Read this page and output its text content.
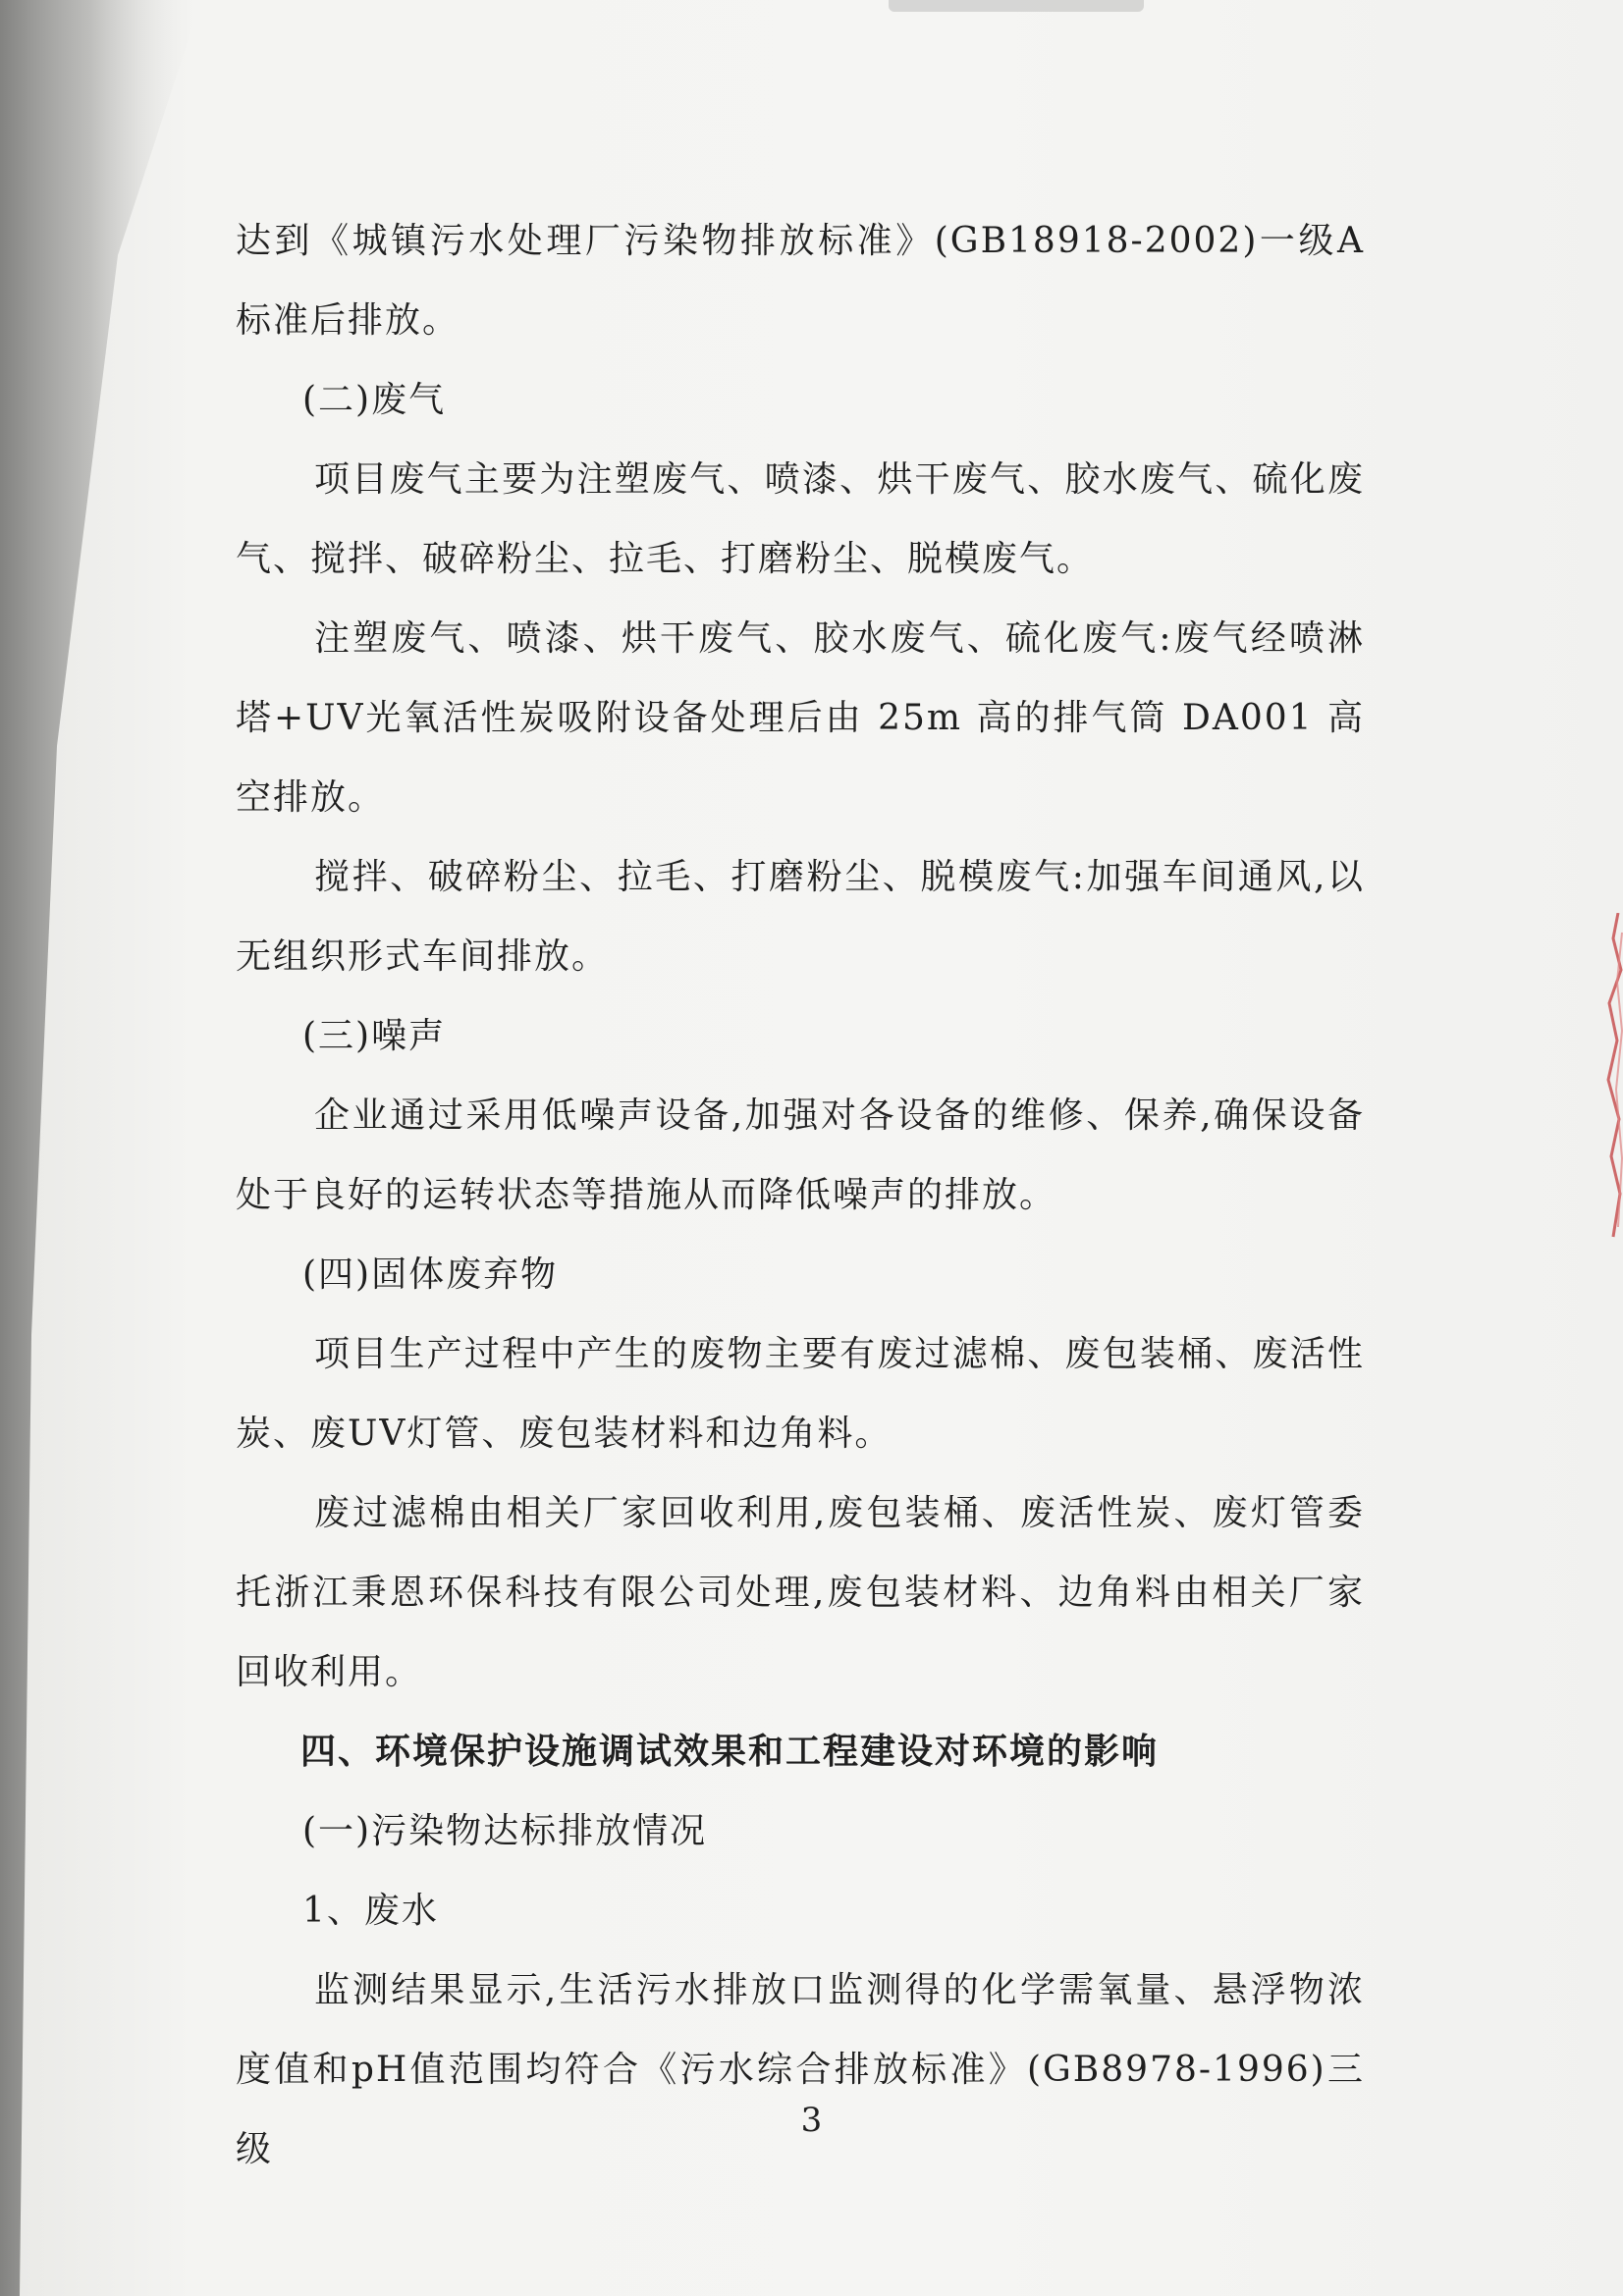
达到《城镇污水处理厂污染物排放标准》(GB18918-2002)一级A标准后排放。

(二)废气

项目废气主要为注塑废气、喷漆、烘干废气、胶水废气、硫化废气、搅拌、破碎粉尘、拉毛、打磨粉尘、脱模废气。

注塑废气、喷漆、烘干废气、胶水废气、硫化废气:废气经喷淋塔+UV光氧活性炭吸附设备处理后由 25m 高的排气筒 DA001 高空排放。

搅拌、破碎粉尘、拉毛、打磨粉尘、脱模废气:加强车间通风,以无组织形式车间排放。

(三)噪声

企业通过采用低噪声设备,加强对各设备的维修、保养,确保设备处于良好的运转状态等措施从而降低噪声的排放。

(四)固体废弃物

项目生产过程中产生的废物主要有废过滤棉、废包装桶、废活性炭、废UV灯管、废包装材料和边角料。

废过滤棉由相关厂家回收利用,废包装桶、废活性炭、废灯管委托浙江秉恩环保科技有限公司处理,废包装材料、边角料由相关厂家回收利用。

四、环境保护设施调试效果和工程建设对环境的影响

(一)污染物达标排放情况

1、废水

监测结果显示,生活污水排放口监测得的化学需氧量、悬浮物浓度值和pH值范围均符合《污水综合排放标准》(GB8978-1996)三级

3
